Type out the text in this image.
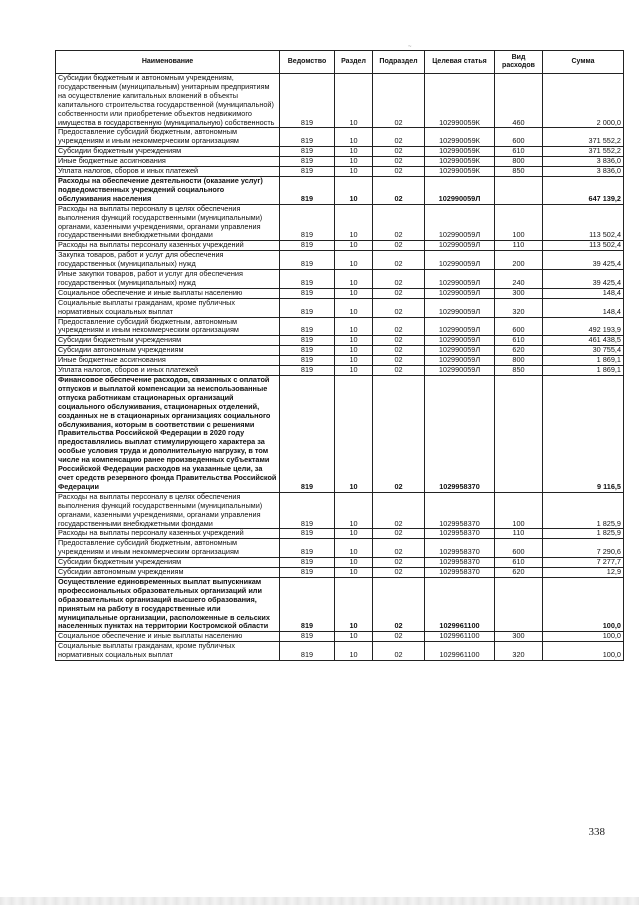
~
Наименование	Ведомство	Раздел	Подраздел	Целевая статья	Вид расходов	Сумма
Субсидии бюджетным и автономным учреждениям, государственным (муниципальным) унитарным предприятиям на осуществление капитальных вложений в объекты капитального строительства государственной (муниципальной) собственности или приобретение объектов недвижимого имущества в государственную (муниципальную) собственность	819	10	02	102990059К	460	2 000,0
Предоставление субсидий бюджетным, автономным учреждениям и иным некоммерческим организациям	819	10	02	102990059К	600	371 552,2
Субсидии бюджетным учреждениям	819	10	02	102990059К	610	371 552,2
Иные бюджетные ассигнования	819	10	02	102990059К	800	3 836,0
Уплата налогов, сборов и иных платежей	819	10	02	102990059К	850	3 836,0
Расходы на обеспечение деятельности (оказание услуг) подведомственных учреждений социального обслуживания населения	819	10	02	102990059Л		647 139,2
Расходы на выплаты персоналу в целях обеспечения выполнения функций государственными (муниципальными) органами, казенными учреждениями, органами управления государственными внебюджетными фондами	819	10	02	102990059Л	100	113 502,4
Расходы на выплаты персоналу казенных учреждений	819	10	02	102990059Л	110	113 502,4
Закупка товаров, работ и услуг для обеспечения государственных (муниципальных) нужд	819	10	02	102990059Л	200	39 425,4
Иные закупки товаров, работ и услуг для обеспечения государственных (муниципальных) нужд	819	10	02	102990059Л	240	39 425,4
Социальное обеспечение и иные выплаты населению	819	10	02	102990059Л	300	148,4
Социальные выплаты гражданам, кроме публичных нормативных социальных выплат	819	10	02	102990059Л	320	148,4
Предоставление субсидий бюджетным, автономным учреждениям и иным некоммерческим организациям	819	10	02	102990059Л	600	492 193,9
Субсидии бюджетным учреждениям	819	10	02	102990059Л	610	461 438,5
Субсидии автономным учреждениям	819	10	02	102990059Л	620	30 755,4
Иные бюджетные ассигнования	819	10	02	102990059Л	800	1 869,1
Уплата налогов, сборов и иных платежей	819	10	02	102990059Л	850	1 869,1
Финансовое обеспечение расходов, связанных с оплатой отпусков и выплатой компенсации за неиспользованные отпуска работникам стационарных организаций социального обслуживания, стационарных отделений, созданных не в стационарных организациях социального обслуживания, которым в соответствии с решениями Правительства Российской Федерации в 2020 году предоставлялись выплат стимулирующего характера за особые условия труда и дополнительную нагрузку, в том числе на компенсацию ранее произведенных субъектами Российской Федерации расходов на указанные цели, за счет средств резервного фонда Правительства Российской Федерации	819	10	02	1029958370		9 116,5
Расходы на выплаты персоналу в целях обеспечения выполнения функций государственными (муниципальными) органами, казенными учреждениями, органами управления государственными внебюджетными фондами	819	10	02	1029958370	100	1 825,9
Расходы на выплаты персоналу казенных учреждений	819	10	02	1029958370	110	1 825,9
Предоставление субсидий бюджетным, автономным учреждениям и иным некоммерческим организациям	819	10	02	1029958370	600	7 290,6
Субсидии бюджетным учреждениям	819	10	02	1029958370	610	7 277,7
Субсидии автономным учреждениям	819	10	02	1029958370	620	12,9
Осуществление единовременных выплат выпускникам профессиональных образовательных организаций или образовательных организаций высшего образования, принятым на работу в государственные или муниципальные организации, расположенные в сельских населенных пунктах на территории Костромской области	819	10	02	1029961100		100,0
Социальное обеспечение и иные выплаты населению	819	10	02	1029961100	300	100,0
Социальные выплаты гражданам, кроме публичных нормативных социальных выплат	819	10	02	1029961100	320	100,0
338
